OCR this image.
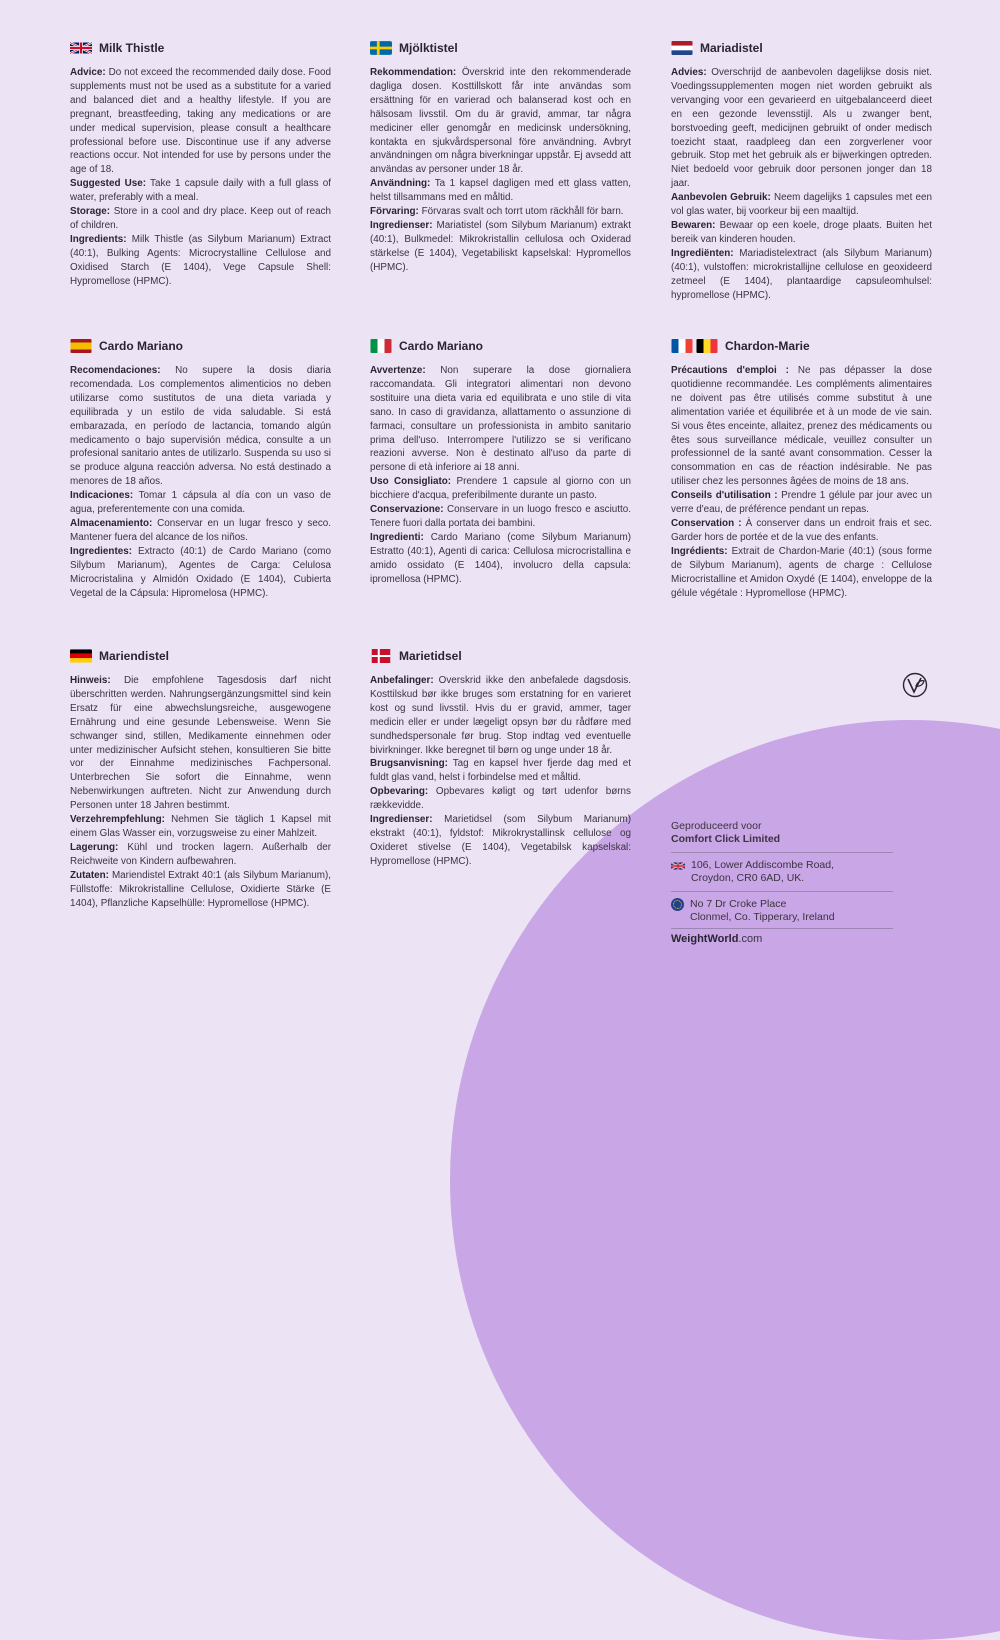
Milk Thistle

Advice: Do not exceed the recommended daily dose. Food supplements must not be used as a substitute for a varied and balanced diet and a healthy lifestyle. If you are pregnant, breastfeeding, taking any medications or are under medical supervision, please consult a healthcare professional before use. Discontinue use if any adverse reactions occur. Not intended for use by persons under the age of 18.

Suggested Use: Take 1 capsule daily with a full glass of water, preferably with a meal.

Storage: Store in a cool and dry place. Keep out of reach of children.

Ingredients: Milk Thistle (as Silybum Marianum) Extract (40:1), Bulking Agents: Microcrystalline Cellulose and Oxidised Starch (E 1404), Vege Capsule Shell: Hypromellose (HPMC).

Mjölktistel

Rekommendation: Överskrid inte den rekommenderade dagliga dosen. Kosttillskott får inte användas som ersättning för en varierad och balanserad kost och en hälsosam livsstil. Om du är gravid, ammar, tar några mediciner eller genomgår en medicinsk undersökning, kontakta en sjukvårdspersonal före användning. Avbryt användningen om några biverkningar uppstår. Ej avsedd att användas av personer under 18 år.

Användning: Ta 1 kapsel dagligen med ett glass vatten, helst tillsammans med en måltid.

Förvaring: Förvaras svalt och torrt utom räckhåll för barn.

Ingredienser: Mariatistel (som Silybum Marianum) extrakt (40:1), Bulkmedel: Mikrokristallin cellulosa och Oxiderad stärkelse (E 1404), Vegetabiliskt kapselskal: Hypromellos (HPMC).

Mariadistel

Advies: Overschrijd de aanbevolen dagelijkse dosis niet. Voedingssupplementen mogen niet worden gebruikt als vervanging voor een gevarieerd en uitgebalanceerd dieet en een gezonde levensstijl. Als u zwanger bent, borstvoeding geeft, medicijnen gebruikt of onder medisch toezicht staat, raadpleeg dan een zorgverlener voor gebruik. Stop met het gebruik als er bijwerkingen optreden. Niet bedoeld voor gebruik door personen jonger dan 18 jaar.

Aanbevolen Gebruik: Neem dagelijks 1 capsules met een vol glas water, bij voorkeur bij een maaltijd.

Bewaren: Bewaar op een koele, droge plaats. Buiten het bereik van kinderen houden.

Ingrediënten: Mariadistelextract (als Silybum Marianum) (40:1), vulstoffen: microkristallijne cellulose en geoxideerd zetmeel (E 1404), plantaardige capsuleomhulsel: hypromellose (HPMC).

Cardo Mariano

Recomendaciones: No supere la dosis diaria recomendada. Los complementos alimenticios no deben utilizarse como sustitutos de una dieta variada y equilibrada y un estilo de vida saludable. Si está embarazada, en período de lactancia, tomando algún medicamento o bajo supervisión médica, consulte a un profesional sanitario antes de utilizarlo. Suspenda su uso si se produce alguna reacción adversa. No está destinado a menores de 18 años.

Indicaciones: Tomar 1 cápsula al día con un vaso de agua, preferentemente con una comida.

Almacenamiento: Conservar en un lugar fresco y seco. Mantener fuera del alcance de los niños.

Ingredientes: Extracto (40:1) de Cardo Mariano (como Silybum Marianum), Agentes de Carga: Celulosa Microcristalina y Almidón Oxidado (E 1404), Cubierta Vegetal de la Cápsula: Hipromelosa (HPMC).

Cardo Mariano

Avvertenze: Non superare la dose giornaliera raccomandata. Gli integratori alimentari non devono sostituire una dieta varia ed equilibrata e uno stile di vita sano. In caso di gravidanza, allattamento o assunzione di farmaci, consultare un professionista in ambito sanitario prima dell'uso. Interrompere l'utilizzo se si verificano reazioni avverse. Non è destinato all'uso da parte di persone di età inferiore ai 18 anni.

Uso Consigliato: Prendere 1 capsule al giorno con un bicchiere d'acqua, preferibilmente durante un pasto.

Conservazione: Conservare in un luogo fresco e asciutto. Tenere fuori dalla portata dei bambini.

Ingredienti: Cardo Mariano (come Silybum Marianum) Estratto (40:1), Agenti di carica: Cellulosa microcristallina e amido ossidato (E 1404), involucro della capsula: ipromellosa (HPMC).

Chardon-Marie

Précautions d'emploi : Ne pas dépasser la dose quotidienne recommandée. Les compléments alimentaires ne doivent pas être utilisés comme substitut à une alimentation variée et équilibrée et à un mode de vie sain. Si vous êtes enceinte, allaitez, prenez des médicaments ou êtes sous surveillance médicale, veuillez consulter un professionnel de la santé avant consommation. Cesser la consommation en cas de réaction indésirable. Ne pas utiliser chez les personnes âgées de moins de 18 ans.

Conseils d'utilisation : Prendre 1 gélule par jour avec un verre d'eau, de préférence pendant un repas.

Conservation : À conserver dans un endroit frais et sec. Garder hors de portée et de la vue des enfants.

Ingrédients: Extrait de Chardon-Marie (40:1) (sous forme de Silybum Marianum), agents de charge : Cellulose Microcristalline et Amidon Oxydé (E 1404), enveloppe de la gélule végétale : Hypromellose (HPMC).

Mariendistel

Hinweis: Die empfohlene Tagesdosis darf nicht überschritten werden. Nahrungsergänzungsmittel sind kein Ersatz für eine abwechslungsreiche, ausgewogene Ernährung und eine gesunde Lebensweise. Wenn Sie schwanger sind, stillen, Medikamente einnehmen oder unter medizinischer Aufsicht stehen, konsultieren Sie bitte vor der Einnahme medizinisches Fachpersonal. Unterbrechen Sie sofort die Einnahme, wenn Nebenwirkungen auftreten. Nicht zur Anwendung durch Personen unter 18 Jahren bestimmt.

Verzehrempfehlung: Nehmen Sie täglich 1 Kapsel mit einem Glas Wasser ein, vorzugsweise zu einer Mahlzeit.

Lagerung: Kühl und trocken lagern. Außerhalb der Reichweite von Kindern aufbewahren.

Zutaten: Mariendistel Extrakt 40:1 (als Silybum Marianum), Füllstoffe: Mikrokristalline Cellulose, Oxidierte Stärke (E 1404), Pflanzliche Kapselhülle: Hypromellose (HPMC).

Marietidsel

Anbefalinger: Overskrid ikke den anbefalede dagsdosis. Kosttilskud bør ikke bruges som erstatning for en varieret kost og sund livsstil. Hvis du er gravid, ammer, tager medicin eller er under lægeligt opsyn bør du rådføre med sundhedspersonale før brug. Stop indtag ved eventuelle bivirkninger. Ikke beregnet til børn og unge under 18 år.

Brugsanvisning: Tag en kapsel hver fjerde dag med et fuldt glas vand, helst i forbindelse med et måltid.

Opbevaring: Opbevares køligt og tørt udenfor børns rækkevidde.

Ingredienser: Marietidsel (som Silybum Marianum) ekstrakt (40:1), fyldstof: Mikrokrystallinsk cellulose og Oxideret stivelse (E 1404), Vegetabilsk kapselskal: Hypromellose (HPMC).

Geproduceerd voor
Comfort Click Limited
106, Lower Addiscombe Road,
Croydon, CR0 6AD, UK.
No 7 Dr Croke Place
Clonmel, Co. Tipperary, Ireland
WeightWorld.com
